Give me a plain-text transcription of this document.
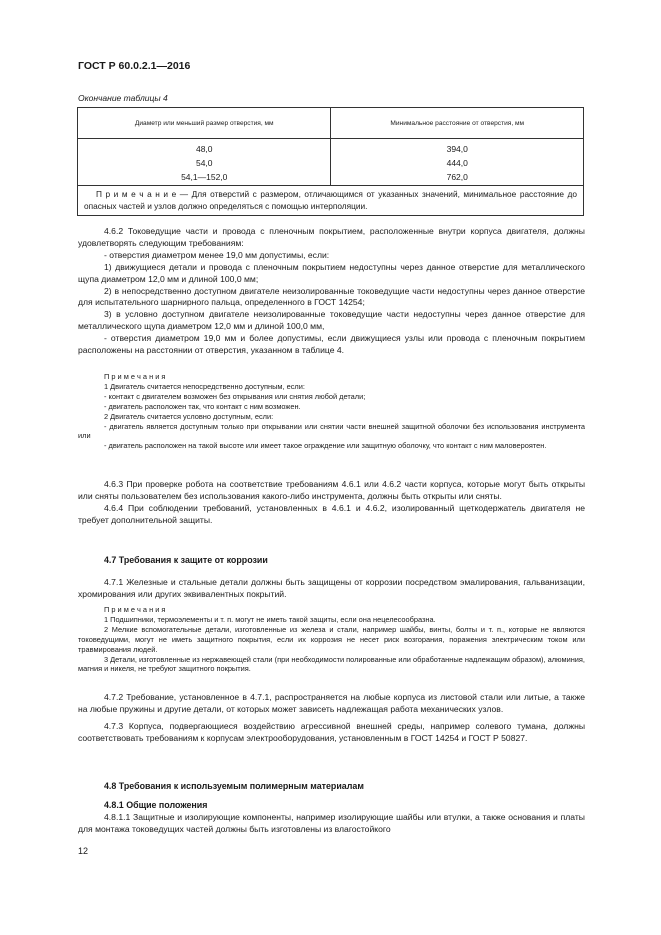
ГОСТ Р 60.0.2.1—2016
Окончание таблицы 4
Диаметр или меньший размер отверстия, мм	Минимальное расстояние от отверстия, мм
48,0	394,0
54,0	444,0
54,1—152,0	762,0
П р и м е ч а н и е — Для отверстий с размером, отличающимся от указанных значений, минимальное расстояние до опасных частей и узлов должно определяться с помощью интерполяции.	

4.6.2 Токоведущие части и провода с пленочным покрытием, расположенные внутри корпуса двигателя, должны удовлетворять следующим требованиям:

- отверстия диаметром менее 19,0 мм допустимы, если:

1) движущиеся детали и провода с пленочным покрытием недоступны через данное отверстие для металлического щупа диаметром 12,0 мм и длиной 100,0 мм;

2) в непосредственно доступном двигателе неизолированные токоведущие части недоступны через данное отверстие для испытательного шарнирного пальца, определенного в ГОСТ 14254;

3) в условно доступном двигателе неизолированные токоведущие части недоступны через данное отверстие для металлического щупа диаметром 12,0 мм и длиной 100,0 мм,

- отверстия диаметром 19,0 мм и более допустимы, если движущиеся узлы или провода с пленочным покрытием расположены на расстоянии от отверстия, указанном в таблице 4.

П р и м е ч а н и я

1 Двигатель считается непосредственно доступным, если:

- контакт с двигателем возможен без открывания или снятия любой детали;

- двигатель расположен так, что контакт с ним возможен.

2 Двигатель считается условно доступным, если:

- двигатель является доступным только при открывании или снятии части внешней защитной оболочки без использования инструмента или

- двигатель расположен на такой высоте или имеет такое ограждение или защитную оболочку, что контакт с ним маловероятен.

4.6.3 При проверке робота на соответствие требованиям 4.6.1 или 4.6.2 части корпуса, которые могут быть открыты или сняты пользователем без использования какого-либо инструмента, должны быть открыты или сняты.

4.6.4 При соблюдении требований, установленных в 4.6.1 и 4.6.2, изолированный щеткодержатель двигателя не требует дополнительной защиты.

4.7 Требования к защите от коррозии

4.7.1 Железные и стальные детали должны быть защищены от коррозии посредством эмалирования, гальванизации, хромирования или других эквивалентных покрытий.

П р и м е ч а н и я

1 Подшипники, термоэлементы и т. п. могут не иметь такой защиты, если она нецелесообразна.

2 Мелкие вспомогательные детали, изготовленные из железа и стали, например шайбы, винты, болты и т. п., которые не являются токоведущими, могут не иметь защитного покрытия, если их коррозия не несет риск возгорания, поражения электрическим током или травмирования людей.

3 Детали, изготовленные из нержавеющей стали (при необходимости полированные или обработанные надлежащим образом), алюминия, магния и никеля, не требуют защитного покрытия.

4.7.2 Требование, установленное в 4.7.1, распространяется на любые корпуса из листовой стали или литые, а также на любые пружины и другие детали, от которых может зависеть надлежащая работа механических узлов.

4.7.3 Корпуса, подвергающиеся воздействию агрессивной внешней среды, например солевого тумана, должны соответствовать требованиям к корпусам электрооборудования, установленным в ГОСТ 14254 и ГОСТ Р 50827.

4.8 Требования к используемым полимерным материалам

4.8.1 Общие положения

4.8.1.1 Защитные и изолирующие компоненты, например изолирующие шайбы или втулки, а также основания и платы для монтажа токоведущих частей должны быть изготовлены из влагостойкого

12
